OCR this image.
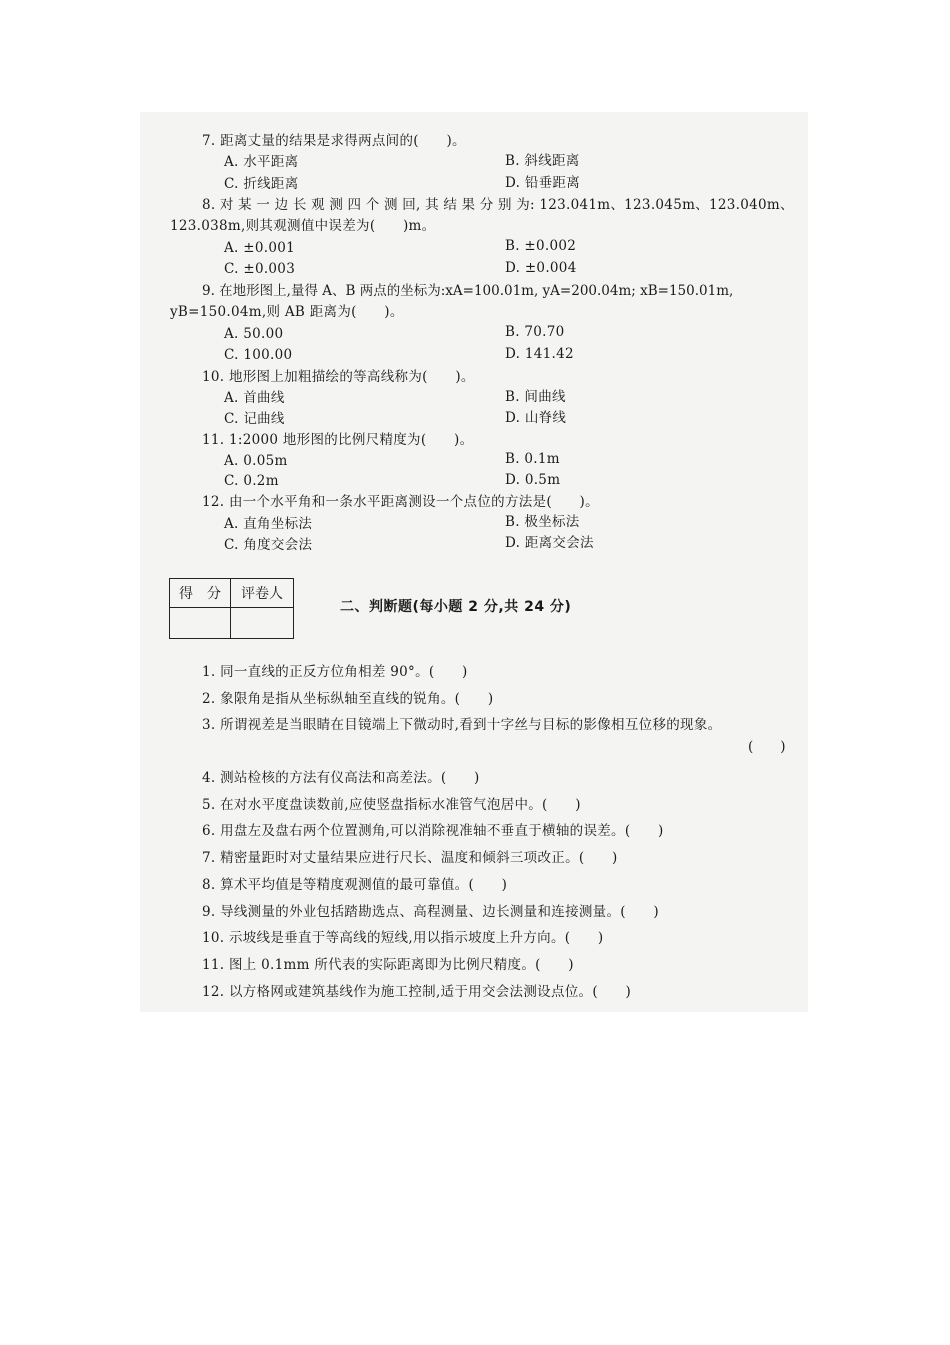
7. 距离丈量的结果是求得两点间的(　　)。
A. 水平距离	B. 斜线距离
C. 折线距离	D. 铅垂距离
8. 对 某 一 边 长 观 测 四 个 测 回, 其 结 果 分 别 为: 123.041m、123.045m、123.040m、
123.038m,则其观测值中误差为(　　)m。
A. ±0.001	B. ±0.002
C. ±0.003	D. ±0.004
9. 在地形图上,量得 A、B 两点的坐标为:xA=100.01m, yA=200.04m; xB=150.01m,
yB=150.04m,则 AB 距离为(　　)。
A. 50.00	B. 70.70
C. 100.00	D. 141.42
10. 地形图上加粗描绘的等高线称为(　　)。
A. 首曲线	B. 间曲线
C. 记曲线	D. 山脊线
11. 1:2000 地形图的比例尺精度为(　　)。
A. 0.05m	B. 0.1m
C. 0.2m	D. 0.5m
12. 由一个水平角和一条水平距离测设一个点位的方法是(　　)。
A. 直角坐标法	B. 极坐标法
C. 角度交会法	D. 距离交会法
得　分	评卷人

二、判断题(每小题 2 分,共 24 分)
1. 同一直线的正反方位角相差 90°。(　　)
2. 象限角是指从坐标纵轴至直线的锐角。(　　)
3. 所谓视差是当眼睛在目镜端上下微动时,看到十字丝与目标的影像相互位移的现象。
(　　)
4. 测站检核的方法有仪高法和高差法。(　　)
5. 在对水平度盘读数前,应使竖盘指标水准管气泡居中。(　　)
6. 用盘左及盘右两个位置测角,可以消除视准轴不垂直于横轴的误差。(　　)
7. 精密量距时对丈量结果应进行尺长、温度和倾斜三项改正。(　　)
8. 算术平均值是等精度观测值的最可靠值。(　　)
9. 导线测量的外业包括踏勘选点、高程测量、边长测量和连接测量。(　　)
10. 示坡线是垂直于等高线的短线,用以指示坡度上升方向。(　　)
11. 图上 0.1mm 所代表的实际距离即为比例尺精度。(　　)
12. 以方格网或建筑基线作为施工控制,适于用交会法测设点位。(　　)
